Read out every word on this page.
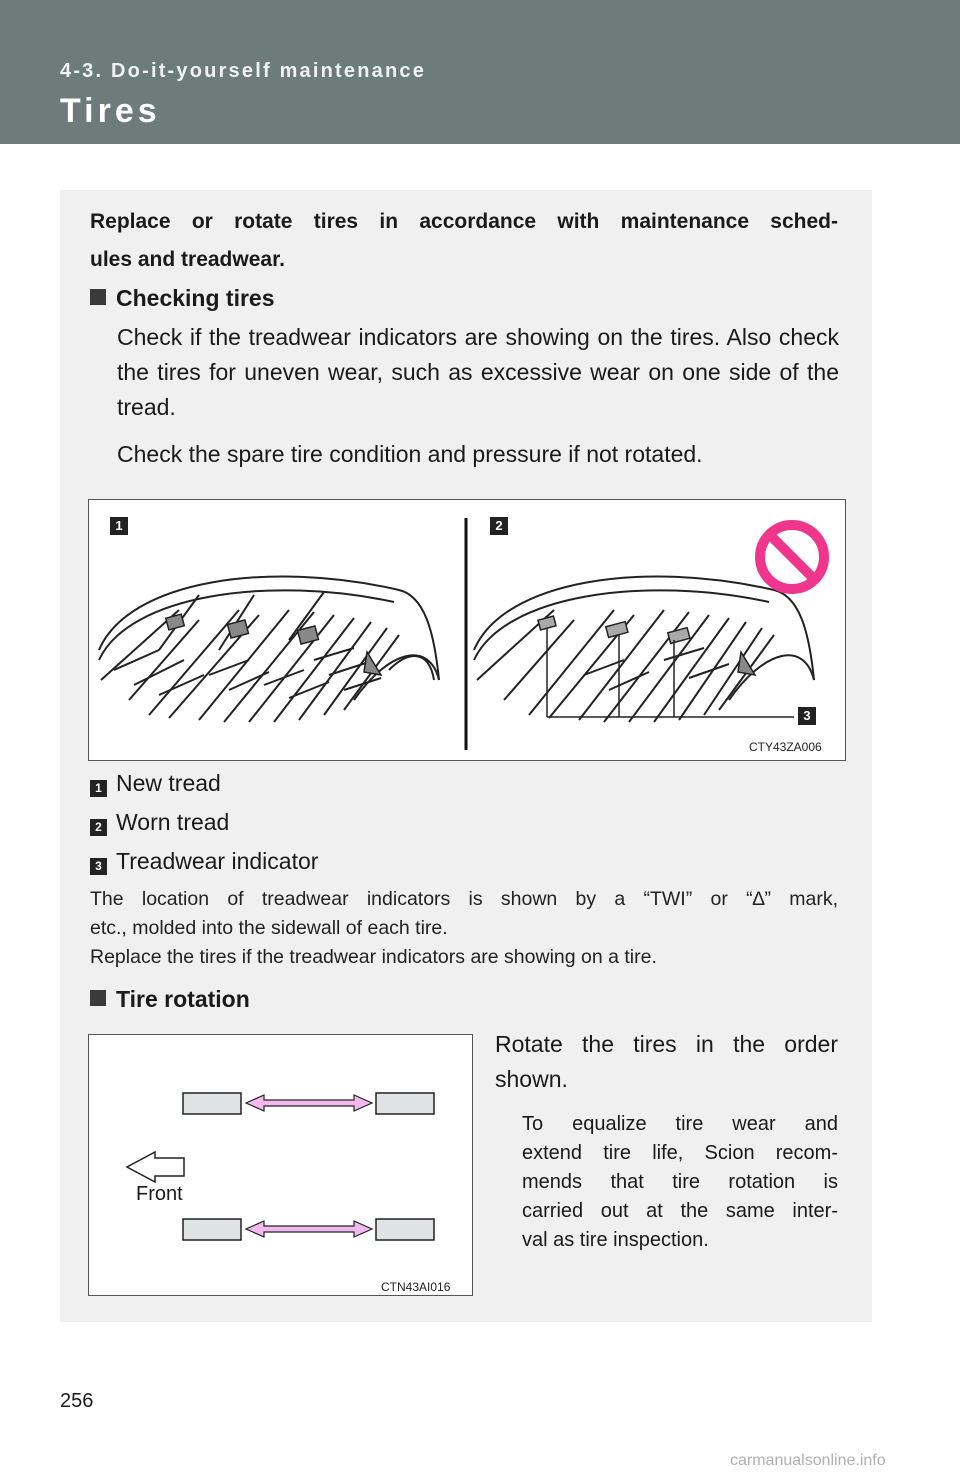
4-3. Do-it-yourself maintenance
Tires
Replace or rotate tires in accordance with maintenance sched-
ules and treadwear.
Checking tires
Check if the treadwear indicators are showing on the tires. Also check the tires for uneven wear, such as excessive wear on one side of the tread.
Check the spare tire condition and pressure if not rotated.
1	2
3
CTY43ZA006
1 New tread
2 Worn tread
3 Treadwear indicator
The location of treadwear indicators is shown by a “TWI” or “∆” mark,
etc., molded into the sidewall of each tire.
Replace the tires if the treadwear indicators are showing on a tire.
Tire rotation
Front
CTN43AI016
Rotate the tires in the order
shown.
To equalize tire wear and
extend tire life, Scion recom-
mends that tire rotation is
carried out at the same inter-
val as tire inspection.
256
carmanualsonline.info
